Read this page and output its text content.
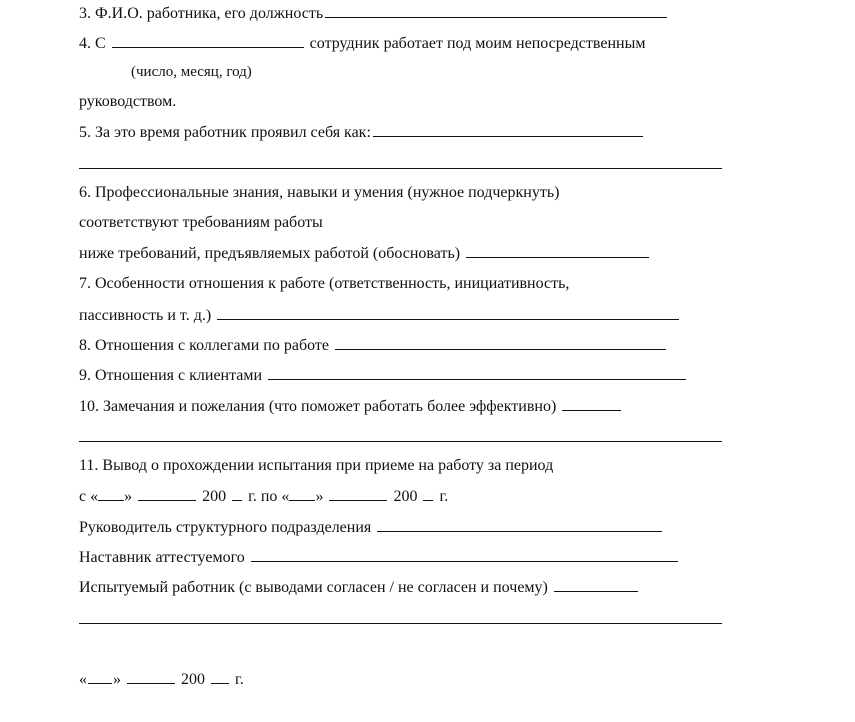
3. Ф.И.О. работника, его должность
4. С	сотрудник работает под моим непосредственным
(число, месяц, год)
руководством.
5. За это время работник проявил себя как:
6. Профессиональные знания, навыки и умения (нужное подчеркнуть)
соответствуют требованиям работы
ниже требований, предъявляемых работой (обосновать)
7. Особенности отношения к работе (ответственность, инициативность,
пассивность и т. д.)
8. Отношения с коллегами по работе
9. Отношения с клиентами
10. Замечания и пожелания (что поможет работать более эффективно)
11. Вывод о прохождении испытания при приеме на работу за период
с « »	200 г. по « »	200 г.
Руководитель структурного подразделения
Наставник аттестуемого
Испытуемый работник (с выводами согласен / не согласен и почему)
« »	200 г.
